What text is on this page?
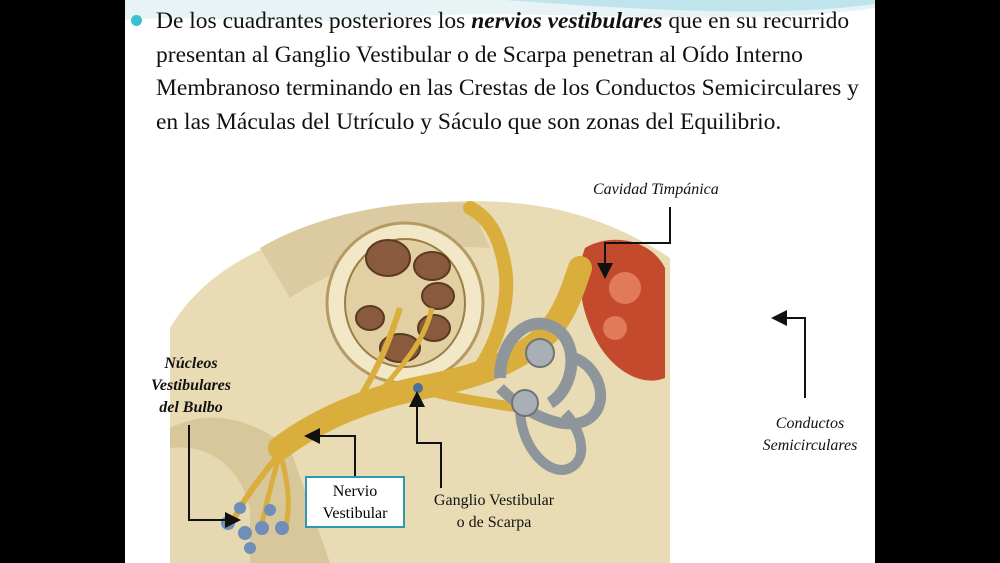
De los cuadrantes posteriores los nervios vestibulares que en su recurrido presentan al Ganglio Vestibular o de Scarpa penetran al Oído Interno Membranoso terminando en las Crestas de los Conductos Semicirculares y en las Máculas del Utrículo y Sáculo que son zonas del Equilibrio.
Cavidad Timpánica
Conductos
Semicirculares
Núcleos
Vestibulares
del Bulbo
Nervio
Vestibular
Ganglio Vestibular
o de Scarpa
